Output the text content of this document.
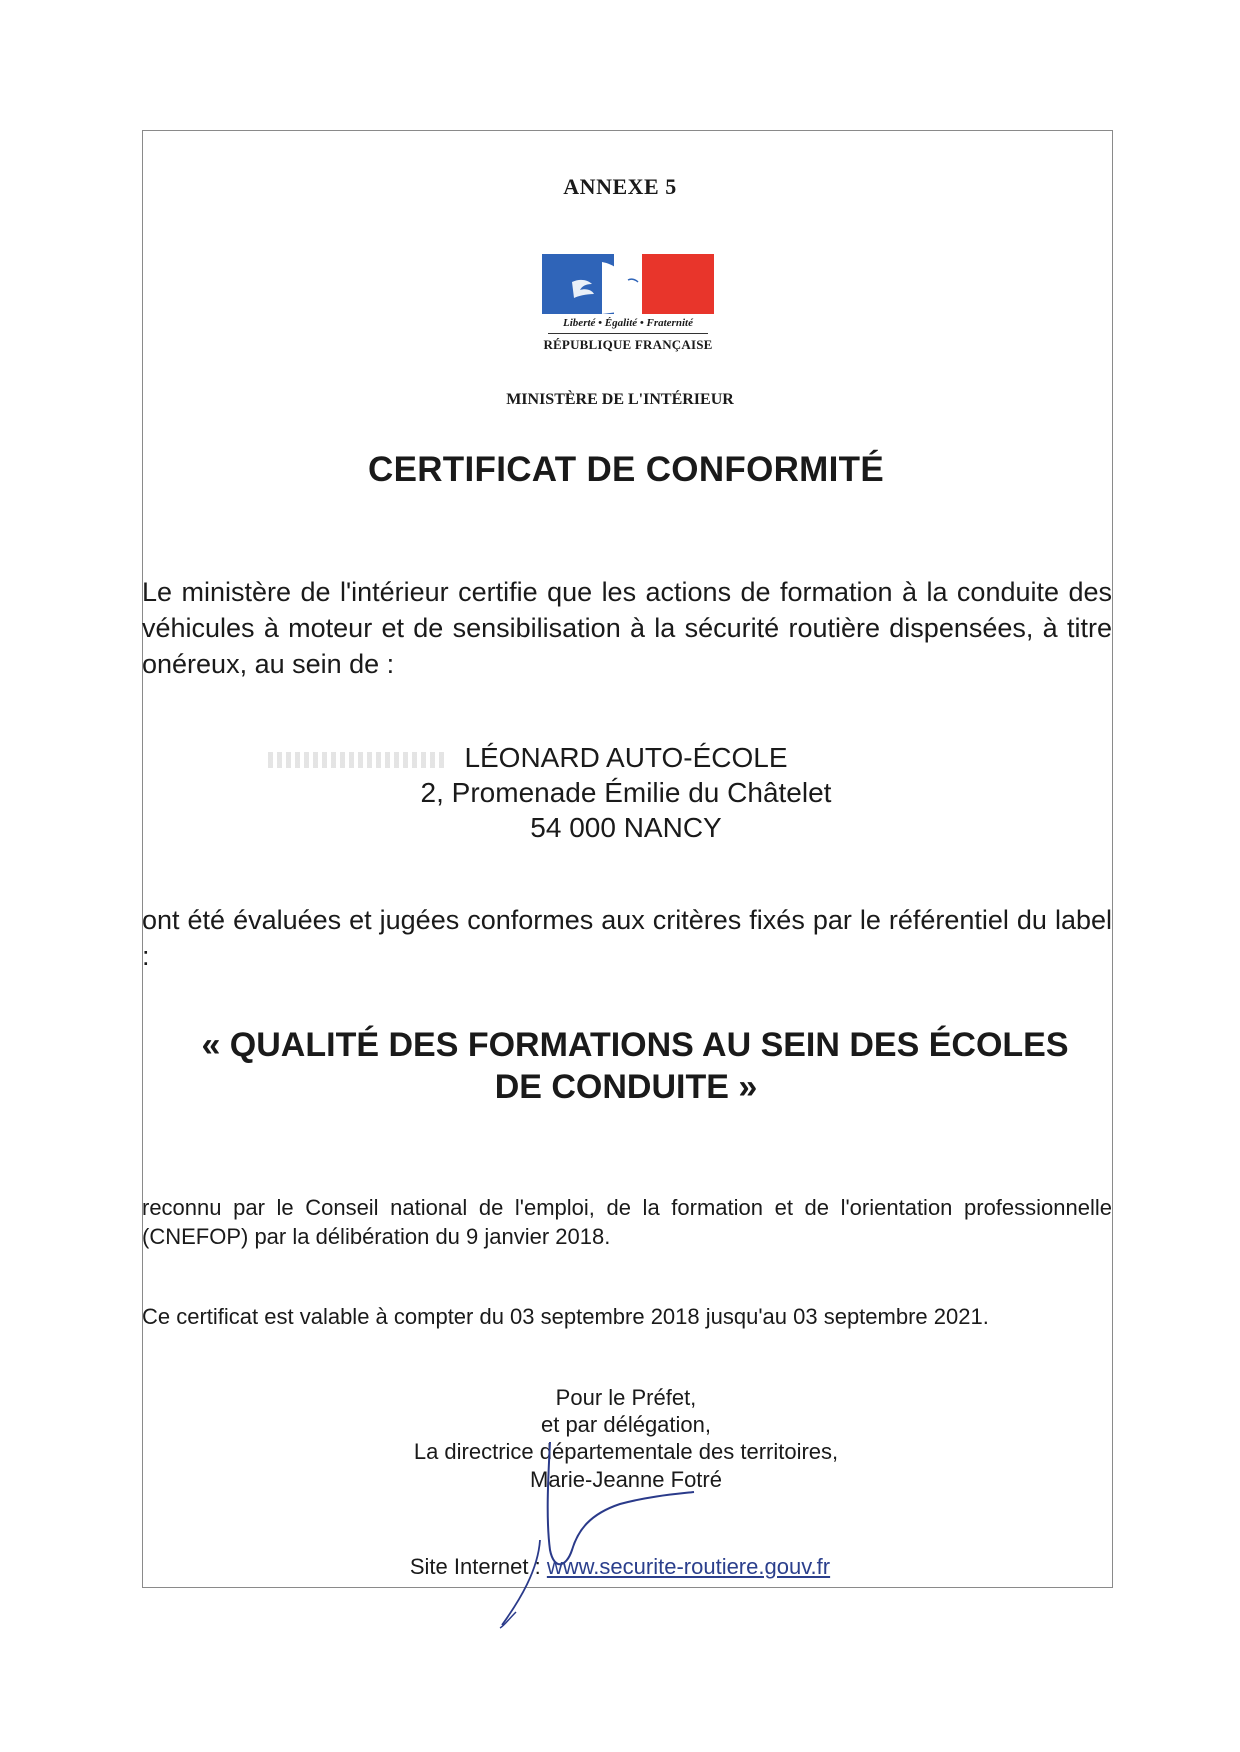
ANNEXE 5
Liberté • Égalité • Fraternité
RÉPUBLIQUE FRANÇAISE
MINISTÈRE DE L'INTÉRIEUR
CERTIFICAT DE CONFORMITÉ

Le ministère de l'intérieur certifie que les actions de formation à la conduite des véhicules à moteur et de sensibilisation à la sécurité routière dispensées, à titre onéreux, au sein de :

LÉONARD AUTO-ÉCOLE
2, Promenade Émilie du Châtelet
54 000 NANCY

ont été évaluées et jugées conformes aux critères fixés par le référentiel du label :

« QUALITÉ DES FORMATIONS AU SEIN DES ÉCOLES
DE CONDUITE »

reconnu par le Conseil national de l'emploi, de la formation et de l'orientation professionnelle (CNEFOP) par la délibération du 9 janvier 2018.

Ce certificat est valable à compter du 03 septembre 2018 jusqu'au 03 septembre 2021.

Pour le Préfet,
et par délégation,
La directrice départementale des territoires,
Marie-Jeanne Fotré
Site Internet : www.securite-routiere.gouv.fr
